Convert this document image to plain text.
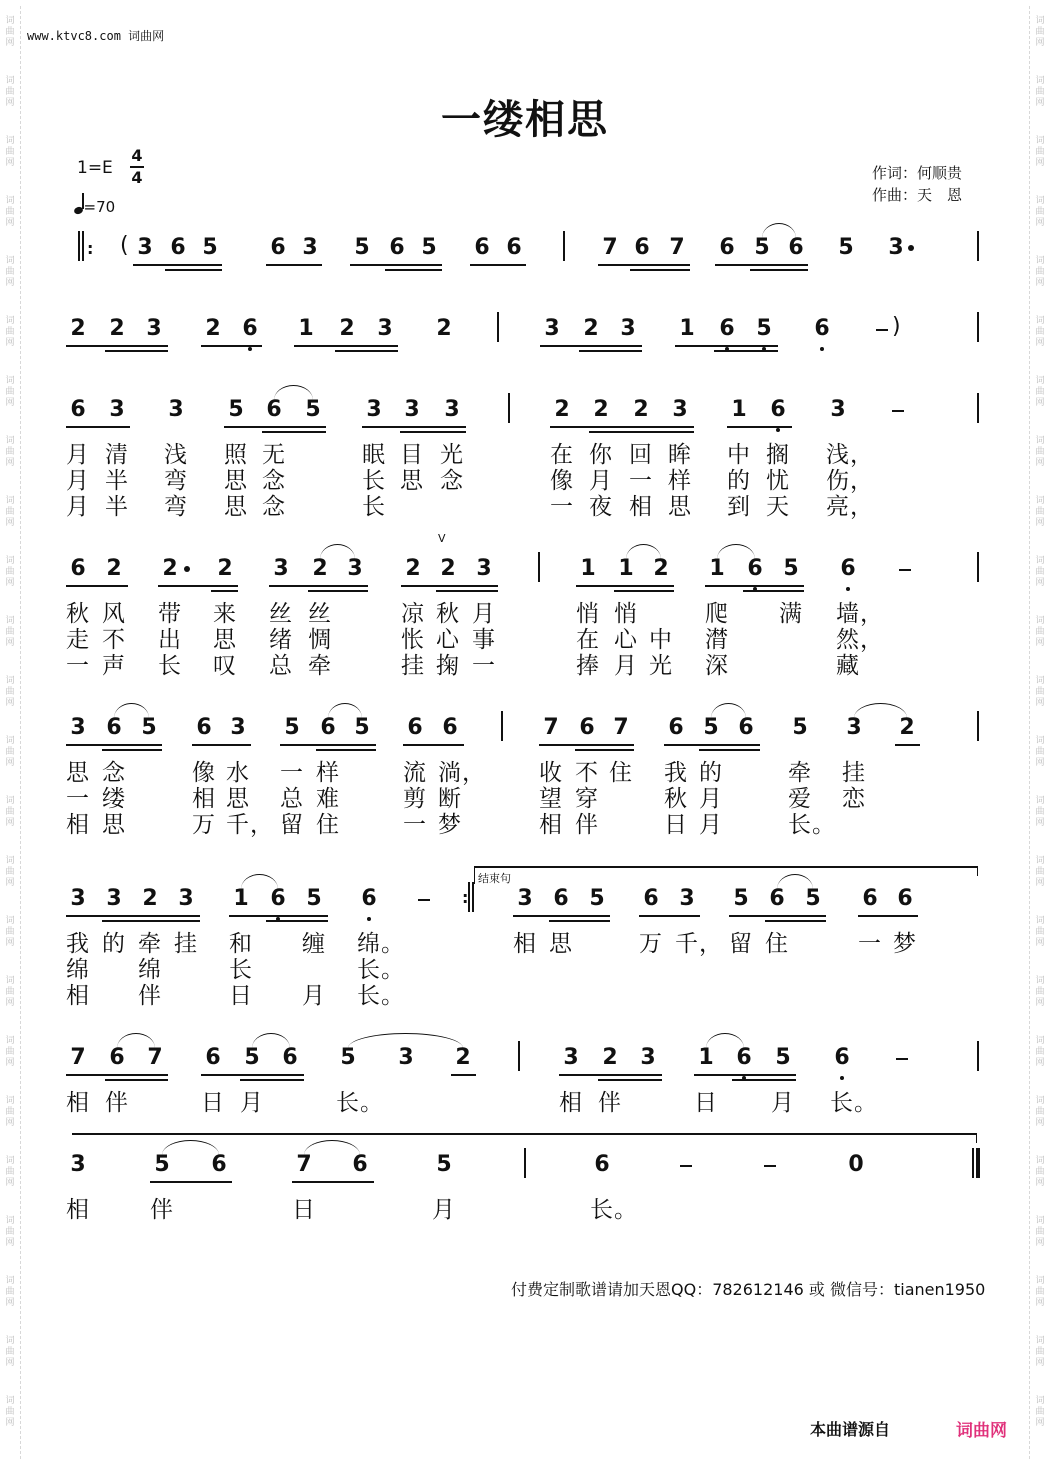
词
曲
网
词
曲
网
词
曲
网
词
曲
网
词
曲
网
词
曲
网
词
曲
网
词
曲
网
词
曲
网
词
曲
网
词
曲
网
词
曲
网
词
曲
网
词
曲
网
词
曲
网
词
曲
网
词
曲
网
词
曲
网
词
曲
网
词
曲
网
词
曲
网
词
曲
网
词
曲
网
词
曲
网
词
曲
网
词
曲
网
词
曲
网
词
曲
网
词
曲
网
词
曲
网
词
曲
网
词
曲
网
词
曲
网
词
曲
网
词
曲
网
词
曲
网
词
曲
网
词
曲
网
词
曲
网
词
曲
网
词
曲
网
词
曲
网
词
曲
网
词
曲
网
词
曲
网
词
曲
网
词
曲
网
词
曲
网
www.ktvc8.com 词曲网
一缕相思
1=E
4
4
=70
作词：何顺贵
作曲：天　恩
: ( 3 6 5 6 3 5 6 5 6 6	7 6 7 6 5 6 5 3
2 2 3 2 6 1 2 3 2	3 2 3 1 6 5 6	)
6 3 3 5 6 5 3 3 3	2 2 2 3 1 6 3
月 清 浅 照 无	眠 目 光	在 你 回 眸 中 搁 浅 ，
月 半 弯 思 念	长 思 念	像 月 一 样 的 忧 伤 ，
月 半 弯 思 念	长	一 夜 相 思 到 天 亮 ，
6 2 2 2 3 2 3 2 2 3
V
1 1 2 1 6 5 6
秋 风 带 来 丝 丝	凉 秋 月	悄 悄	爬 满 墙 ，
走 不 出 思 绪 惆	怅 心 事	在 心 中 潸	然 ，
一 声 长 叹 总 牵	挂 掬 一	捧 月 光 深	藏
3 6 5 6 3 5 6 5 6 6	7 6 7 6 5 6 5 3 2
思 念	像 水 一 样	流 淌 ， 收 不 住 我 的	牵 挂
一 缕	相 思 总 难	剪 断	望 穿	秋 月	爱 恋
相 思	万 千 ， 留 住	一 梦	相 伴	日 月	长 。
结束句
3 3 2 3 1 6 5 6	: 3 6 5 6 3 5 6 5 6 6
我 的 牵 挂 和 缠 绵 。	相 思	万 千 ， 留 住	一 梦
绵 绵	长	长 。
相 伴	日 月 长 。
7 6 7 6 5 6 5 3 2	3 2 3 1 6 5 6
相 伴	日 月	长 。	相 伴	日 月 长 。
3	5 6	7 6	5	6	0
相	伴	日	月	长 。
付费定制歌谱请加天恩QQ：782612146 或 微信号：tianen1950
本曲谱源自	词曲网
